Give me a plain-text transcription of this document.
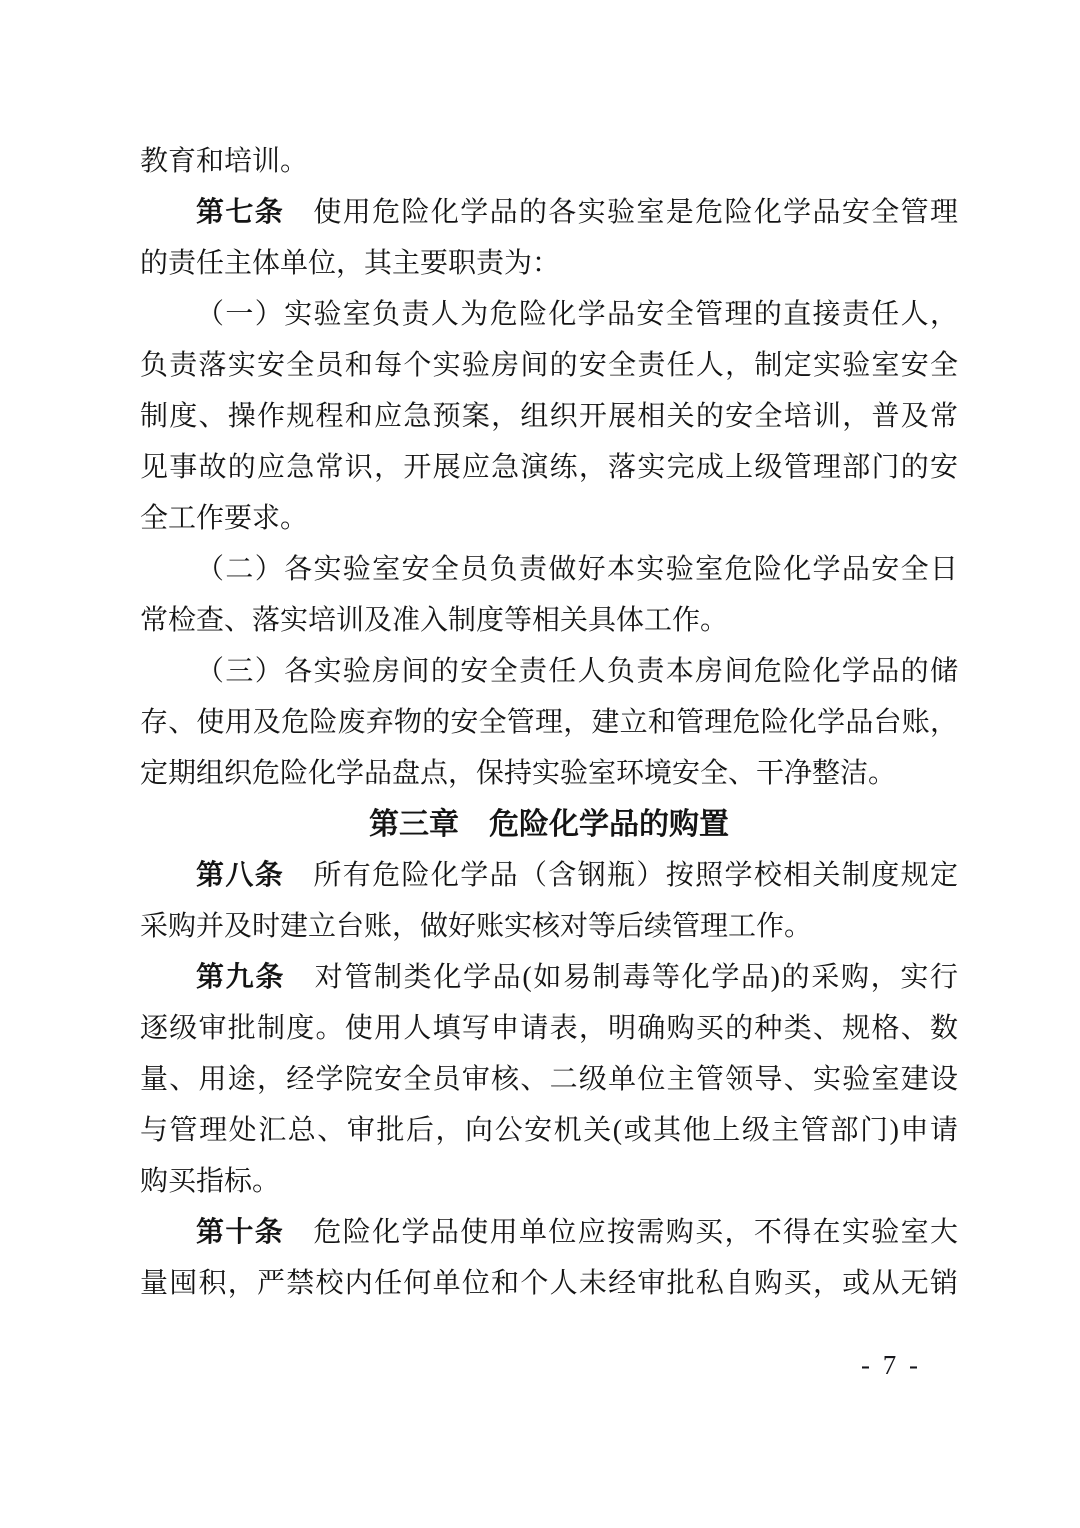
教育和培训。
第七条　使用危险化学品的各实验室是危险化学品安全管理
的责任主体单位，其主要职责为：
（一）实验室负责人为危险化学品安全管理的直接责任人，
负责落实安全员和每个实验房间的安全责任人，制定实验室安全
制度、操作规程和应急预案，组织开展相关的安全培训，普及常
见事故的应急常识，开展应急演练，落实完成上级管理部门的安
全工作要求。
（二）各实验室安全员负责做好本实验室危险化学品安全日
常检查、落实培训及准入制度等相关具体工作。
（三）各实验房间的安全责任人负责本房间危险化学品的储
存、使用及危险废弃物的安全管理，建立和管理危险化学品台账，
定期组织危险化学品盘点，保持实验室环境安全、干净整洁。
第三章　危险化学品的购置
第八条　所有危险化学品（含钢瓶）按照学校相关制度规定
采购并及时建立台账，做好账实核对等后续管理工作。
第九条　对管制类化学品(如易制毒等化学品)的采购，实行
逐级审批制度。使用人填写申请表，明确购买的种类、规格、数
量、用途，经学院安全员审核、二级单位主管领导、实验室建设
与管理处汇总、审批后，向公安机关(或其他上级主管部门)申请
购买指标。
第十条　危险化学品使用单位应按需购买，不得在实验室大
量囤积，严禁校内任何单位和个人未经审批私自购买，或从无销
- 7 -
